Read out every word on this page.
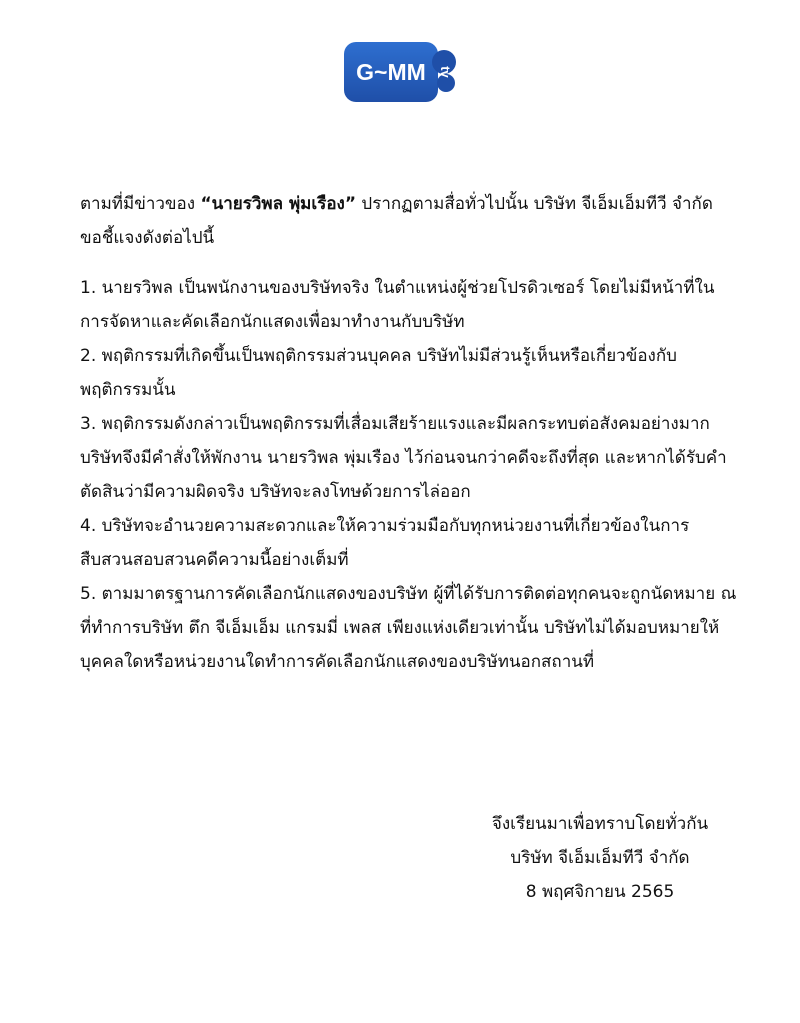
G~MM tv

ตามที่มีข่าวของ “นายรวิพล พุ่มเรือง” ปรากฏตามสื่อทั่วไปนั้น บริษัท จีเอ็มเอ็มทีวี จำกัด ขอชี้แจงดังต่อไปนี้

1. นายรวิพล เป็นพนักงานของบริษัทจริง ในตำแหน่งผู้ช่วยโปรดิวเซอร์ โดยไม่มีหน้าที่ในการจัดหาและคัดเลือกนักแสดงเพื่อมาทำงานกับบริษัท
2. พฤติกรรมที่เกิดขึ้นเป็นพฤติกรรมส่วนบุคคล บริษัทไม่มีส่วนรู้เห็นหรือเกี่ยวข้องกับพฤติกรรมนั้น
3. พฤติกรรมดังกล่าวเป็นพฤติกรรมที่เสื่อมเสียร้ายแรงและมีผลกระทบต่อสังคมอย่างมาก บริษัทจึงมีคำสั่งให้พักงาน นายรวิพล พุ่มเรือง ไว้ก่อนจนกว่าคดีจะถึงที่สุด และหากได้รับคำตัดสินว่ามีความผิดจริง บริษัทจะลงโทษด้วยการไล่ออก
4. บริษัทจะอำนวยความสะดวกและให้ความร่วมมือกับทุกหน่วยงานที่เกี่ยวข้องในการสืบสวนสอบสวนคดีความนี้อย่างเต็มที่
5. ตามมาตรฐานการคัดเลือกนักแสดงของบริษัท ผู้ที่ได้รับการติดต่อทุกคนจะถูกนัดหมาย ณ ที่ทำการบริษัท ตึก จีเอ็มเอ็ม แกรมมี่ เพลส เพียงแห่งเดียวเท่านั้น บริษัทไม่ได้มอบหมายให้บุคคลใดหรือหน่วยงานใดทำการคัดเลือกนักแสดงของบริษัทนอกสถานที่
จึงเรียนมาเพื่อทราบโดยทั่วกัน
บริษัท จีเอ็มเอ็มทีวี จำกัด
8 พฤศจิกายน 2565
